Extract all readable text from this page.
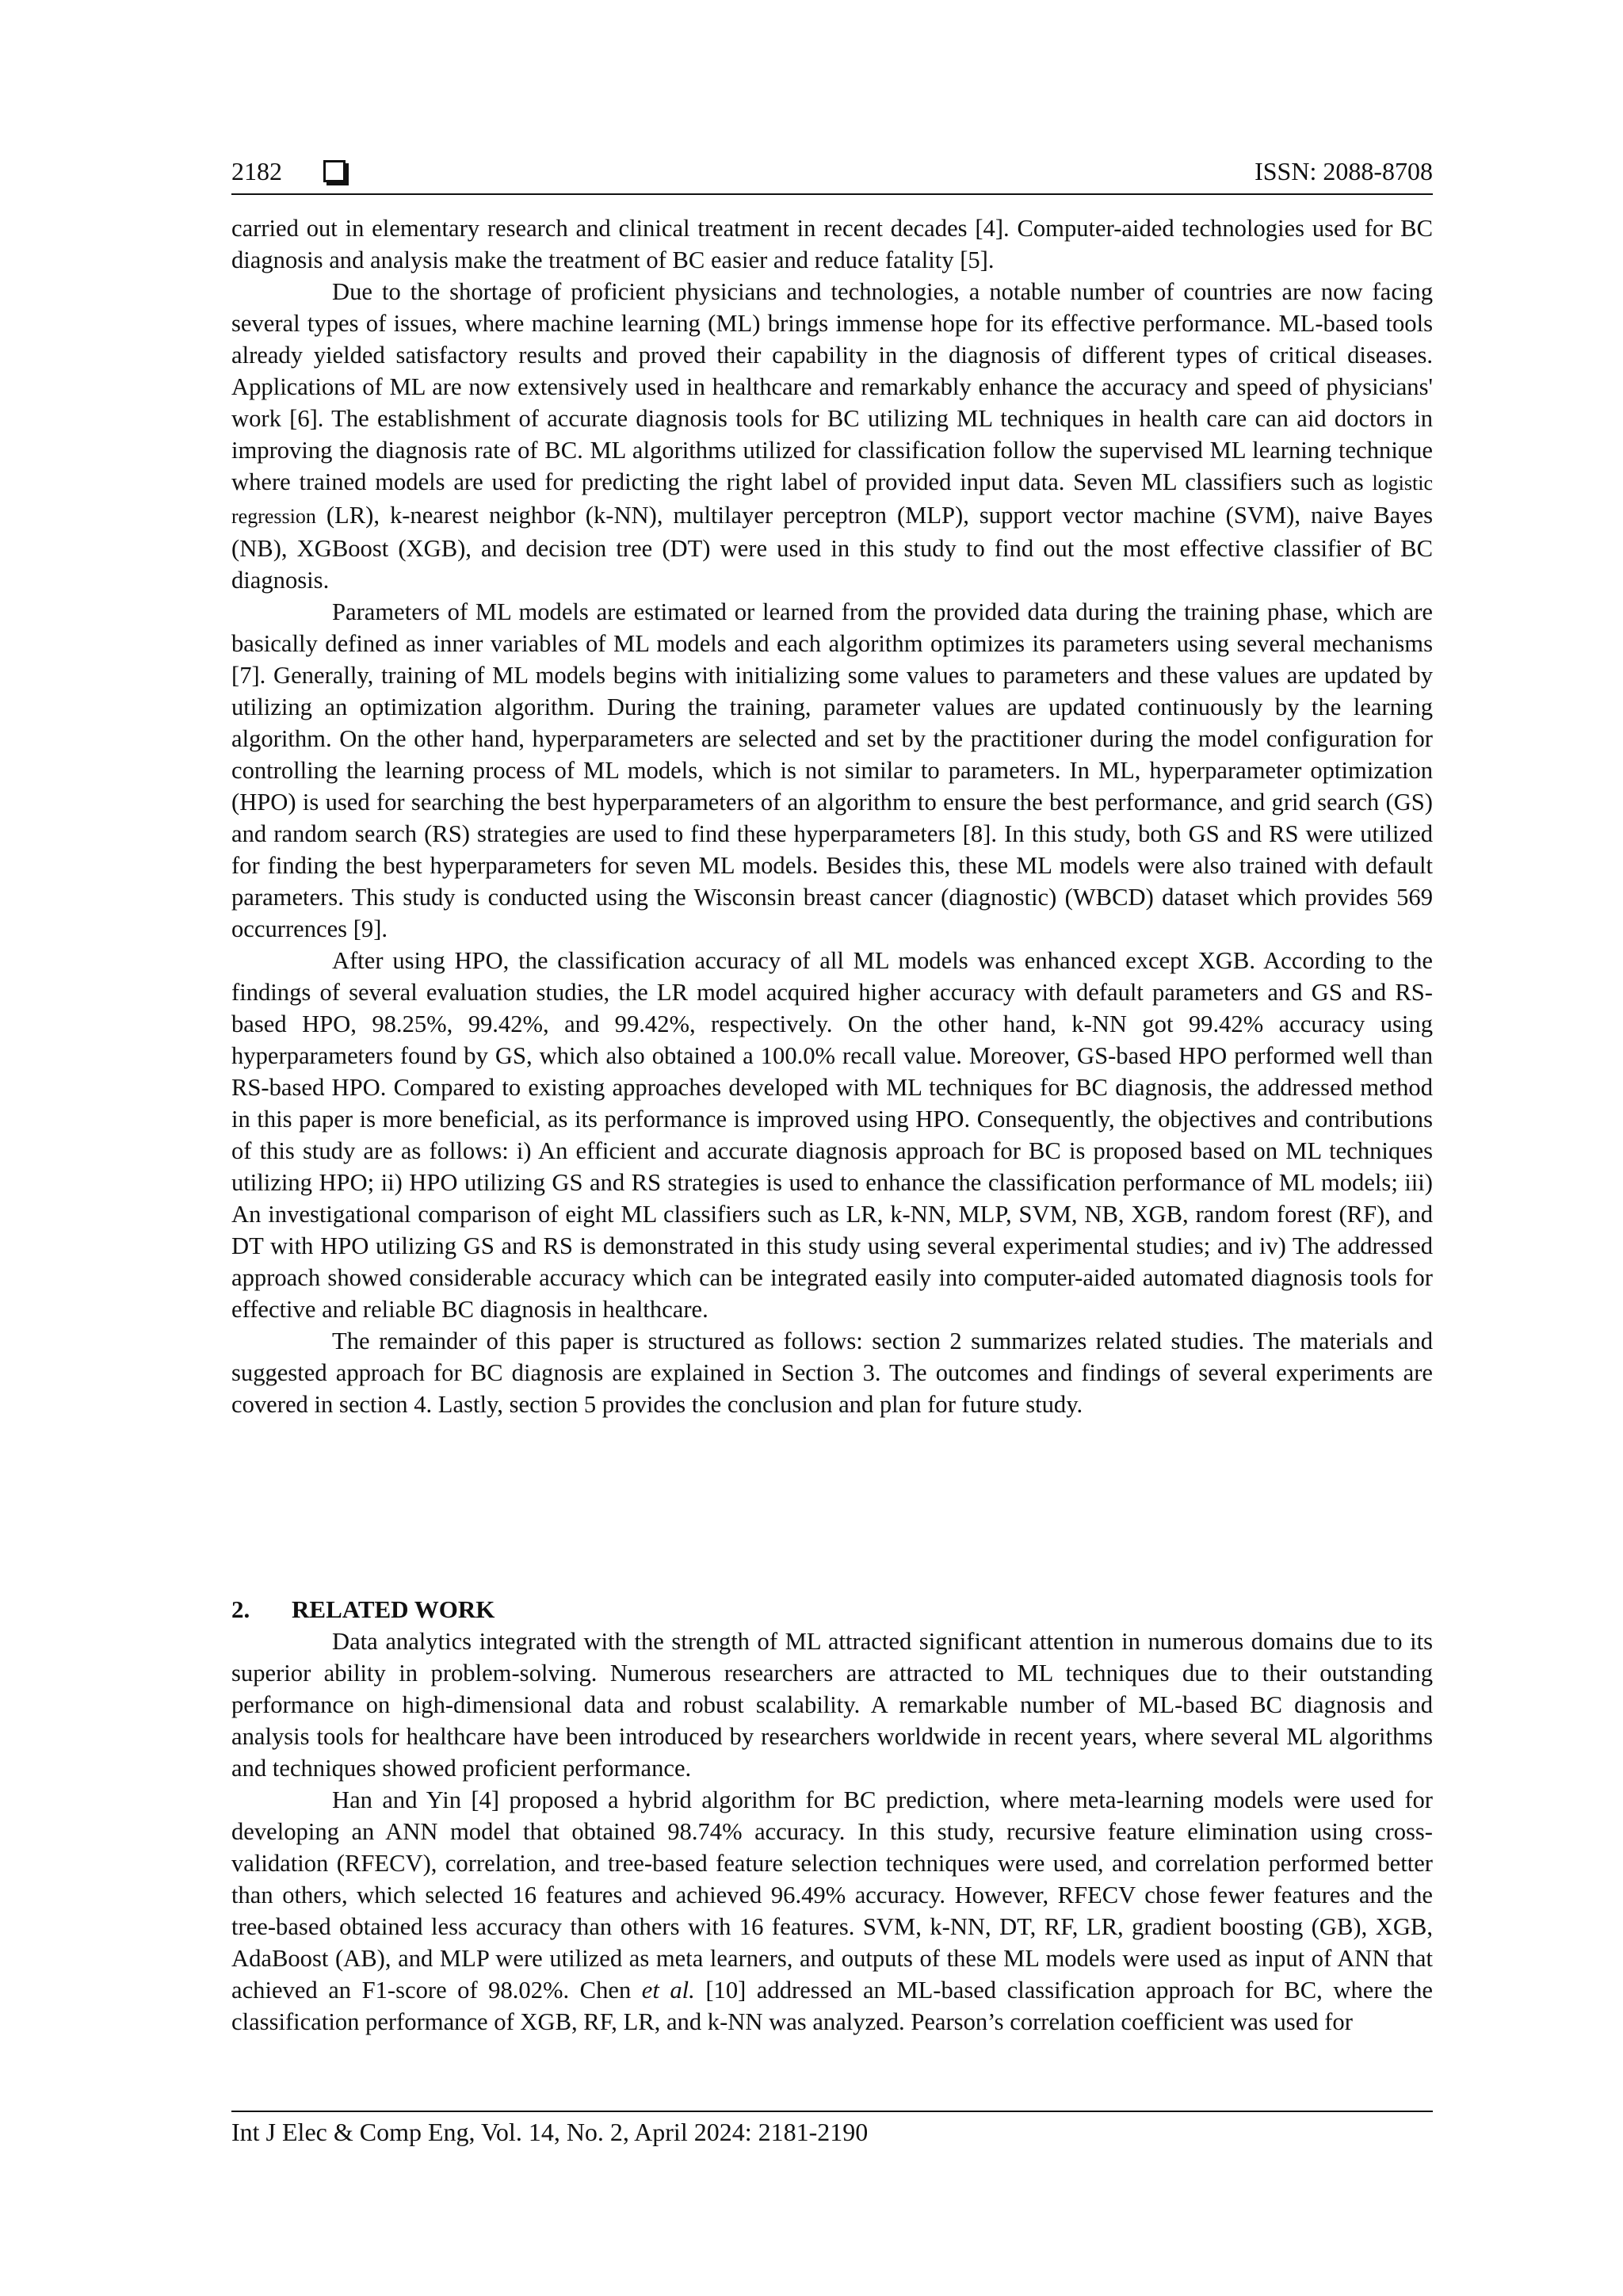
2182	ISSN: 2088-8708

carried out in elementary research and clinical treatment in recent decades [4]. Computer-aided technologies used for BC diagnosis and analysis make the treatment of BC easier and reduce fatality [5].

Due to the shortage of proficient physicians and technologies, a notable number of countries are now facing several types of issues, where machine learning (ML) brings immense hope for its effective performance. ML-based tools already yielded satisfactory results and proved their capability in the diagnosis of different types of critical diseases. Applications of ML are now extensively used in healthcare and remarkably enhance the accuracy and speed of physicians' work [6]. The establishment of accurate diagnosis tools for BC utilizing ML techniques in health care can aid doctors in improving the diagnosis rate of BC. ML algorithms utilized for classification follow the supervised ML learning technique where trained models are used for predicting the right label of provided input data. Seven ML classifiers such as logistic regression (LR), k-nearest neighbor (k-NN), multilayer perceptron (MLP), support vector machine (SVM), naive Bayes (NB), XGBoost (XGB), and decision tree (DT) were used in this study to find out the most effective classifier of BC diagnosis.

Parameters of ML models are estimated or learned from the provided data during the training phase, which are basically defined as inner variables of ML models and each algorithm optimizes its parameters using several mechanisms [7]. Generally, training of ML models begins with initializing some values to parameters and these values are updated by utilizing an optimization algorithm. During the training, parameter values are updated continuously by the learning algorithm. On the other hand, hyperparameters are selected and set by the practitioner during the model configuration for controlling the learning process of ML models, which is not similar to parameters. In ML, hyperparameter optimization (HPO) is used for searching the best hyperparameters of an algorithm to ensure the best performance, and grid search (GS) and random search (RS) strategies are used to find these hyperparameters [8]. In this study, both GS and RS were utilized for finding the best hyperparameters for seven ML models. Besides this, these ML models were also trained with default parameters. This study is conducted using the Wisconsin breast cancer (diagnostic) (WBCD) dataset which provides 569 occurrences [9].

After using HPO, the classification accuracy of all ML models was enhanced except XGB. According to the findings of several evaluation studies, the LR model acquired higher accuracy with default parameters and GS and RS-based HPO, 98.25%, 99.42%, and 99.42%, respectively. On the other hand, k-NN got 99.42% accuracy using hyperparameters found by GS, which also obtained a 100.0% recall value. Moreover, GS-based HPO performed well than RS-based HPO. Compared to existing approaches developed with ML techniques for BC diagnosis, the addressed method in this paper is more beneficial, as its performance is improved using HPO. Consequently, the objectives and contributions of this study are as follows: i) An efficient and accurate diagnosis approach for BC is proposed based on ML techniques utilizing HPO; ii) HPO utilizing GS and RS strategies is used to enhance the classification performance of ML models; iii) An investigational comparison of eight ML classifiers such as LR, k-NN, MLP, SVM, NB, XGB, random forest (RF), and DT with HPO utilizing GS and RS is demonstrated in this study using several experimental studies; and iv) The addressed approach showed considerable accuracy which can be integrated easily into computer-aided automated diagnosis tools for effective and reliable BC diagnosis in healthcare.

The remainder of this paper is structured as follows: section 2 summarizes related studies. The materials and suggested approach for BC diagnosis are explained in Section 3. The outcomes and findings of several experiments are covered in section 4. Lastly, section 5 provides the conclusion and plan for future study.

2. RELATED WORK

Data analytics integrated with the strength of ML attracted significant attention in numerous domains due to its superior ability in problem-solving. Numerous researchers are attracted to ML techniques due to their outstanding performance on high-dimensional data and robust scalability. A remarkable number of ML-based BC diagnosis and analysis tools for healthcare have been introduced by researchers worldwide in recent years, where several ML algorithms and techniques showed proficient performance.

Han and Yin [4] proposed a hybrid algorithm for BC prediction, where meta-learning models were used for developing an ANN model that obtained 98.74% accuracy. In this study, recursive feature elimination using cross-validation (RFECV), correlation, and tree-based feature selection techniques were used, and correlation performed better than others, which selected 16 features and achieved 96.49% accuracy. However, RFECV chose fewer features and the tree-based obtained less accuracy than others with 16 features. SVM, k-NN, DT, RF, LR, gradient boosting (GB), XGB, AdaBoost (AB), and MLP were utilized as meta learners, and outputs of these ML models were used as input of ANN that achieved an F1-score of 98.02%. Chen et al. [10] addressed an ML-based classification approach for BC, where the classification performance of XGB, RF, LR, and k-NN was analyzed. Pearson’s correlation coefficient was used for

Int J Elec & Comp Eng, Vol. 14, No. 2, April 2024: 2181-2190
